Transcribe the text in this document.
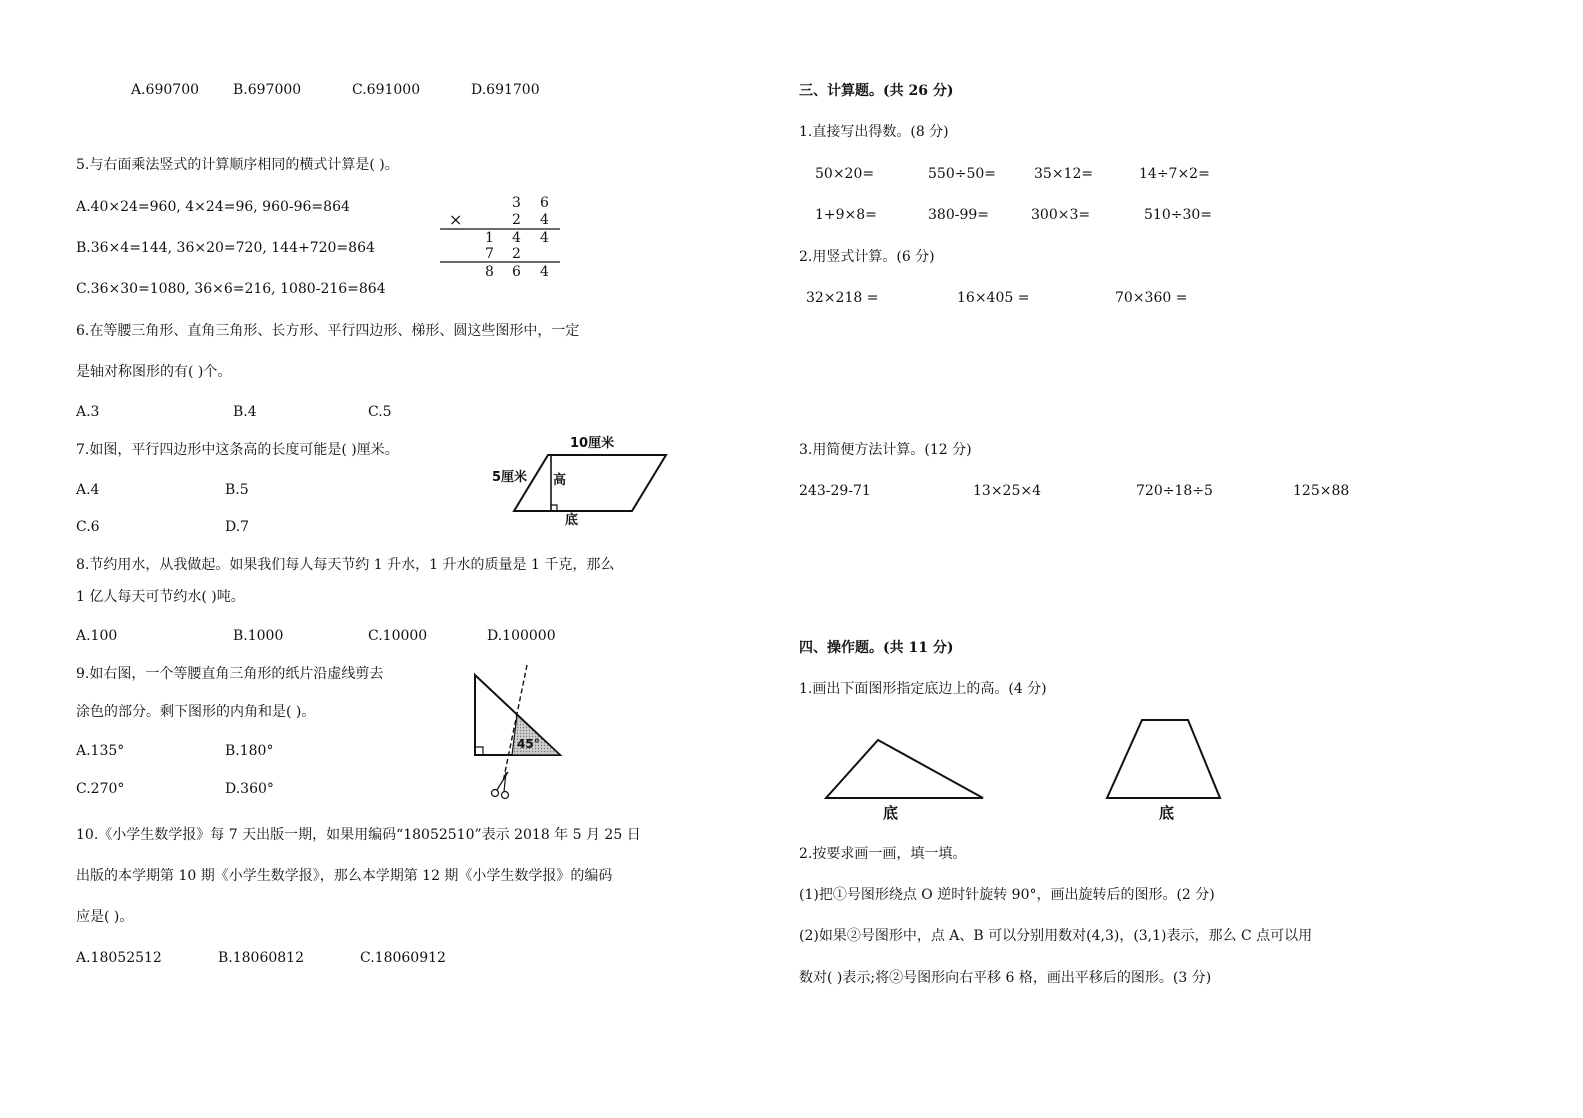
A.690700 B.697000	C.691000	D.691700
5.与右面乘法竖式的计算顺序相同的横式计算是( )。
A.40×24=960, 4×24=96, 960-96=864
B.36×4=144, 36×20=720, 144+720=864
C.36×30=1080, 36×6=216, 1080-216=864
×
3 6
2 4
1 4 4
7 2
8 6 4
6.在等腰三角形、直角三角形、长方形、平行四边形、梯形、圆这些图形中，一定
是轴对称图形的有( )个。
A.3	B.4	C.5
7.如图，平行四边形中这条高的长度可能是( )厘米。
A.4	B.5
C.6	D.7
10厘米
5厘米 高
底
8.节约用水，从我做起。如果我们每人每天节约 1 升水，1 升水的质量是 1 千克，那么
1 亿人每天可节约水( )吨。
A.100	B.1000	C.10000	D.100000
9.如右图，一个等腰直角三角形的纸片沿虚线剪去
涂色的部分。剩下图形的内角和是( )。
A.135°	B.180°
C.270°	D.360°
45°
10.《小学生数学报》每 7 天出版一期，如果用编码“18052510”表示 2018 年 5 月 25 日
出版的本学期第 10 期《小学生数学报》，那么本学期第 12 期《小学生数学报》的编码
应是( )。
A.18052512	B.18060812	C.18060912
三、计算题。(共 26 分)
1.直接写出得数。(8 分)
50×20=	550÷50=	35×12=	14÷7×2=
1+9×8=	380-99=	300×3=	510÷30=
2.用竖式计算。(6 分)
32×218 =	16×405 =	70×360 =
3.用简便方法计算。(12 分)
243-29-71	13×25×4	720÷18÷5	125×88
四、操作题。(共 11 分)
1.画出下面图形指定底边上的高。(4 分)
底	底
2.按要求画一画，填一填。
(1)把①号图形绕点 O 逆时针旋转 90°，画出旋转后的图形。(2 分)
(2)如果②号图形中，点 A、B 可以分别用数对(4,3)，(3,1)表示，那么 C 点可以用
数对( )表示;将②号图形向右平移 6 格，画出平移后的图形。(3 分)
